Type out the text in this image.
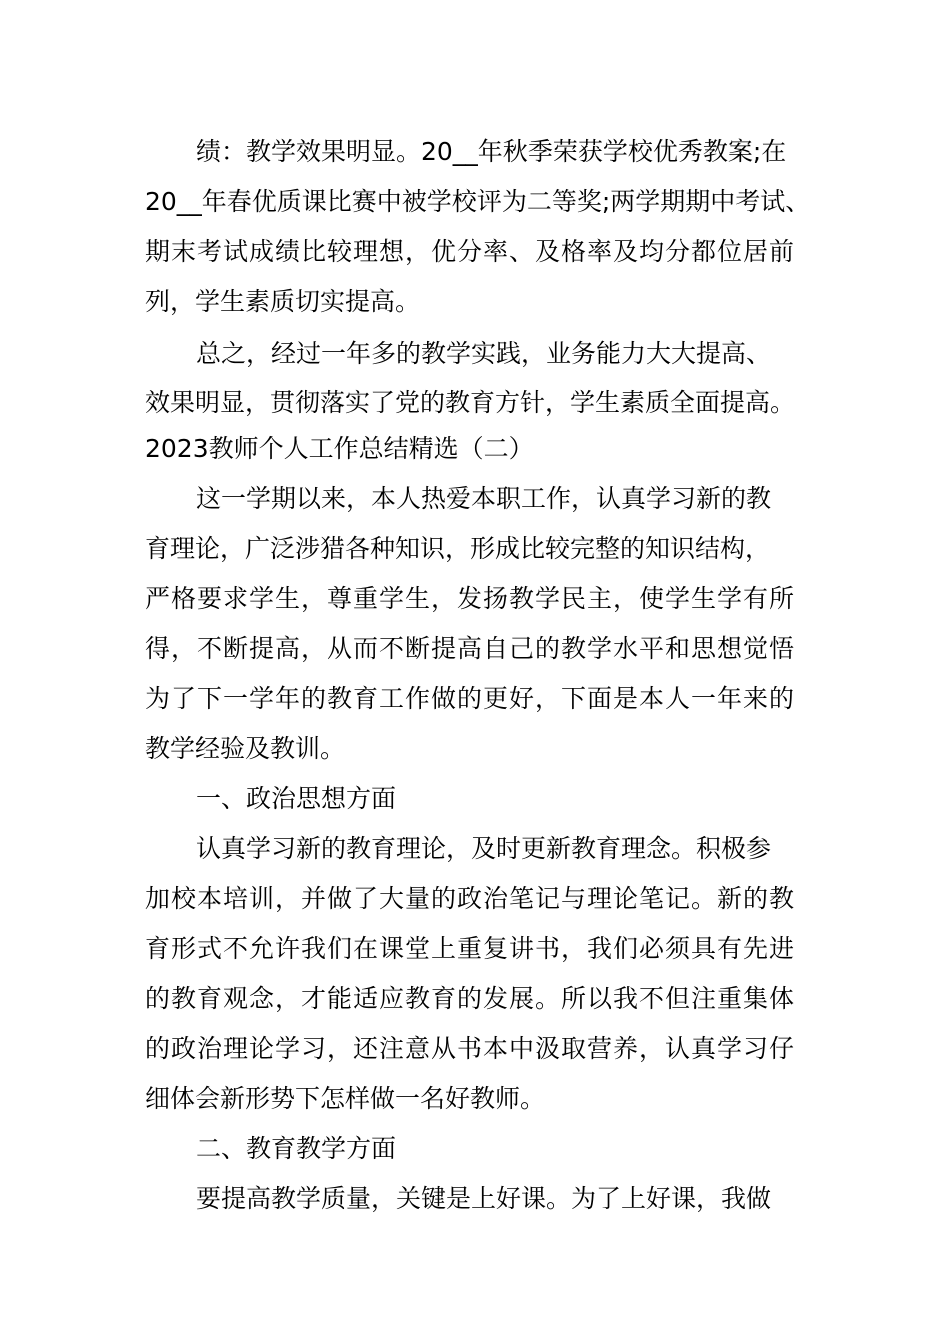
绩：教学效果明显。20__年秋季荣获学校优秀教案;在
20__年春优质课比赛中被学校评为二等奖;两学期期中考试、
期末考试成绩比较理想，优分率、及格率及均分都位居前
列，学生素质切实提高。
总之，经过一年多的教学实践，业务能力大大提高、
效果明显，贯彻落实了党的教育方针，学生素质全面提高。
2023教师个人工作总结精选（二）
这一学期以来，本人热爱本职工作，认真学习新的教
育理论，广泛涉猎各种知识，形成比较完整的知识结构，
严格要求学生，尊重学生，发扬教学民主，使学生学有所
得，不断提高，从而不断提高自己的教学水平和思想觉悟
为了下一学年的教育工作做的更好，下面是本人一年来的
教学经验及教训。
一、政治思想方面
认真学习新的教育理论，及时更新教育理念。积极参
加校本培训，并做了大量的政治笔记与理论笔记。新的教
育形式不允许我们在课堂上重复讲书，我们必须具有先进
的教育观念，才能适应教育的发展。所以我不但注重集体
的政治理论学习，还注意从书本中汲取营养，认真学习仔
细体会新形势下怎样做一名好教师。
二、教育教学方面
要提高教学质量，关键是上好课。为了上好课，我做
